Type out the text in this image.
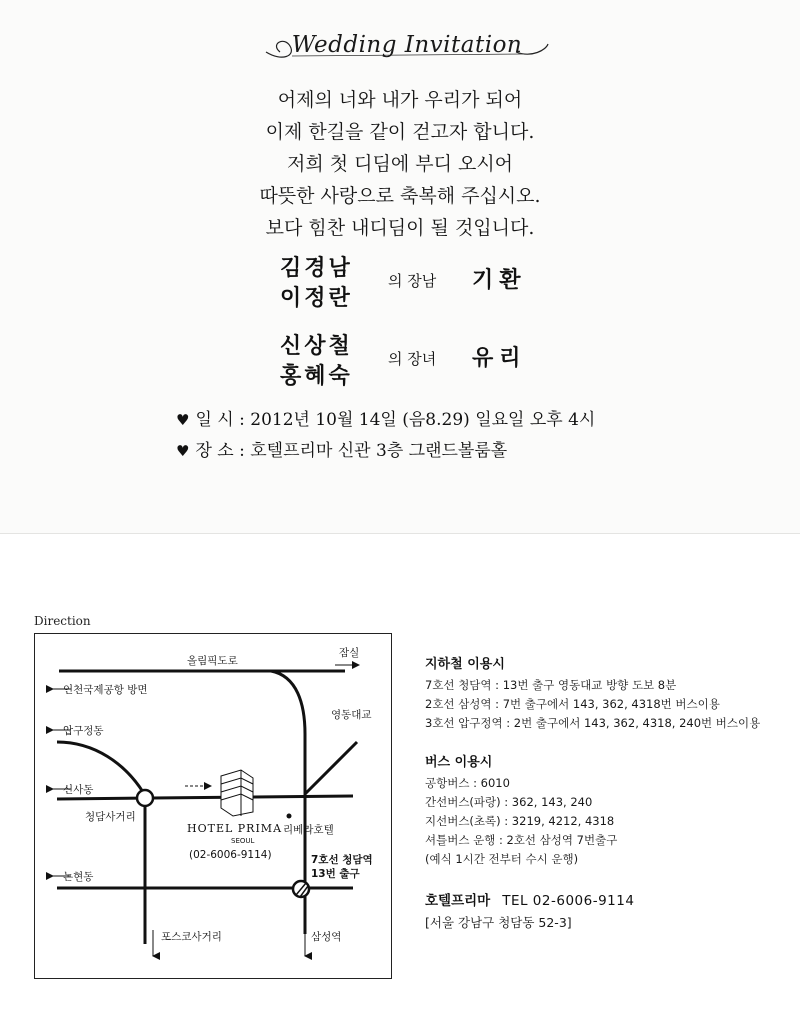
Wedding Invitation
어제의 너와 내가 우리가 되어
이제 한길을 같이 걷고자 합니다.
저희 첫 디딤에 부디 오시어
따뜻한 사랑으로 축복해 주십시오.
보다 힘찬 내디딤이 될 것입니다.
김경남
이정란
의 장남 기환
신상철
홍혜숙
의 장녀 유리
♥ 일 시 : 2012년 10월 14일 (음8.29) 일요일 오후 4시
♥ 장 소 : 호텔프리마 신관 3층 그랜드볼룸홀
Direction
올림픽도로
잠실
인천국제공항 방면
영동대교
압구정동
신사동
청담사거리
포스코사거리
HOTEL PRIMA
SEOUL
(02-6006-9114)
리베라호텔
7호선 청담역
13번 출구
논현동
삼성역
지하철 이용시
7호선 청담역 : 13번 출구 영동대교 방향 도보 8분
2호선 삼성역 : 7번 출구에서 143, 362, 4318번 버스이용
3호선 압구정역 : 2번 출구에서 143, 362, 4318, 240번 버스이용
버스 이용시
공항버스 : 6010
간선버스(파랑) : 362, 143, 240
지선버스(초록) : 3219, 4212, 4318
셔틀버스 운행 : 2호선 삼성역 7번출구
(예식 1시간 전부터 수시 운행)
호텔프리마 TEL 02-6006-9114
[서울 강남구 청담동 52-3]
